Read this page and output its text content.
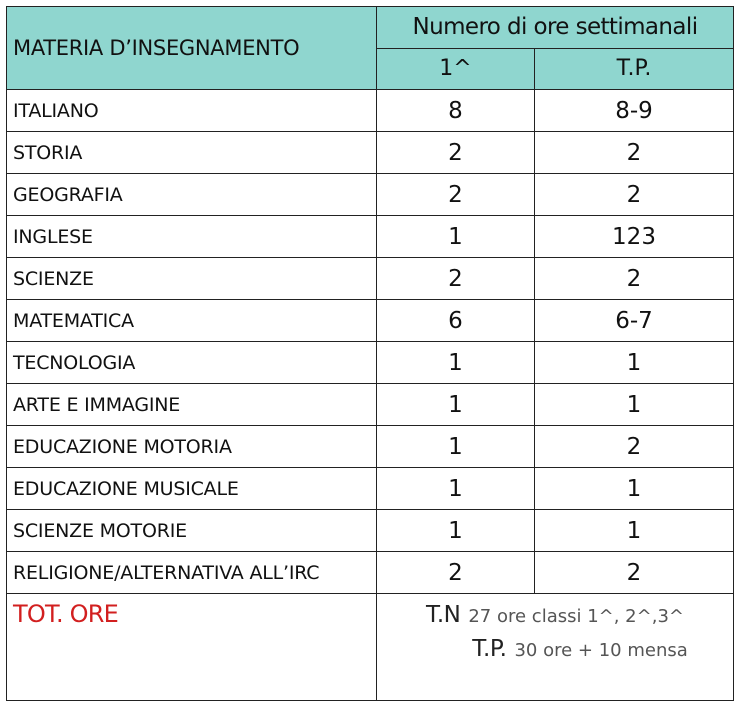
MATERIA D’INSEGNAMENTO	Numero di ore settimanali	
	1^	T.P.
ITALIANO	8	8-9
STORIA	2	2
GEOGRAFIA	2	2
INGLESE	1	123
SCIENZE	2	2
MATEMATICA	6	6-7
TECNOLOGIA	1	1
ARTE E IMMAGINE	1	1
EDUCAZIONE MOTORIA	1	2
EDUCAZIONE MUSICALE	1	1
SCIENZE MOTORIE	1	1
RELIGIONE/ALTERNATIVA ALL’IRC	2	2
TOT. ORE	T.N 27 ore classi 1^, 2^,3^
T.P. 30 ore + 10 mensa	
